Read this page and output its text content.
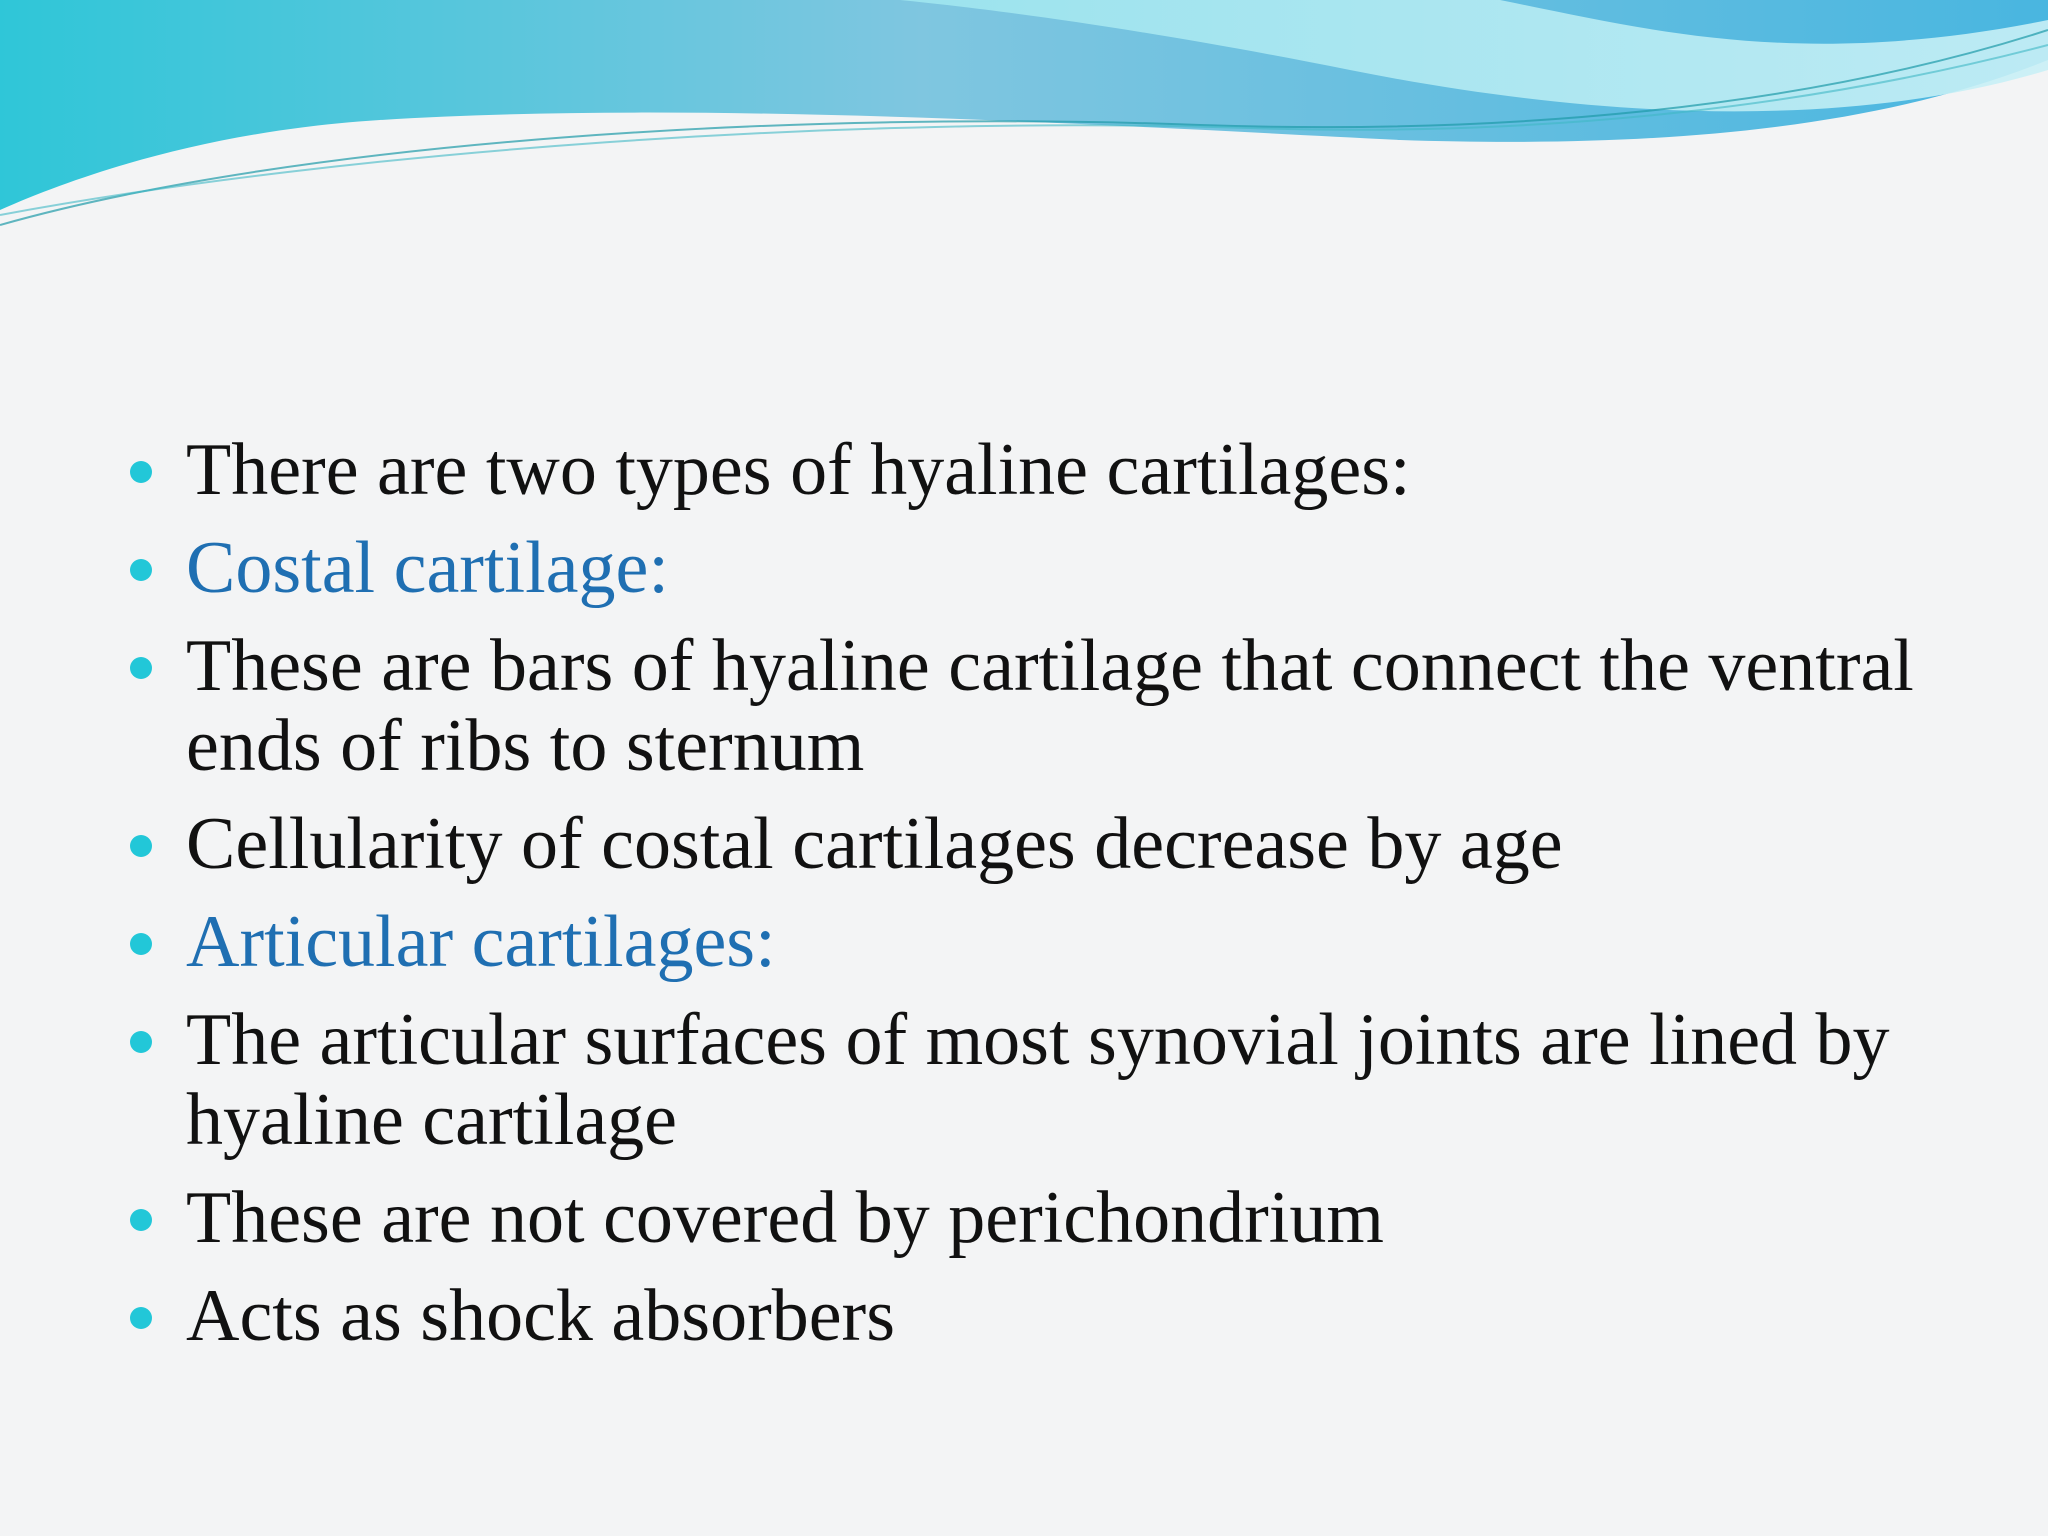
There are two types of hyaline cartilages:
Costal cartilage:
These are bars of hyaline cartilage that connect the ventral ends of ribs to sternum
Cellularity of costal cartilages decrease by age
Articular cartilages:
The articular surfaces of most synovial joints are lined by hyaline cartilage
These are not covered by perichondrium
Acts as shock absorbers
